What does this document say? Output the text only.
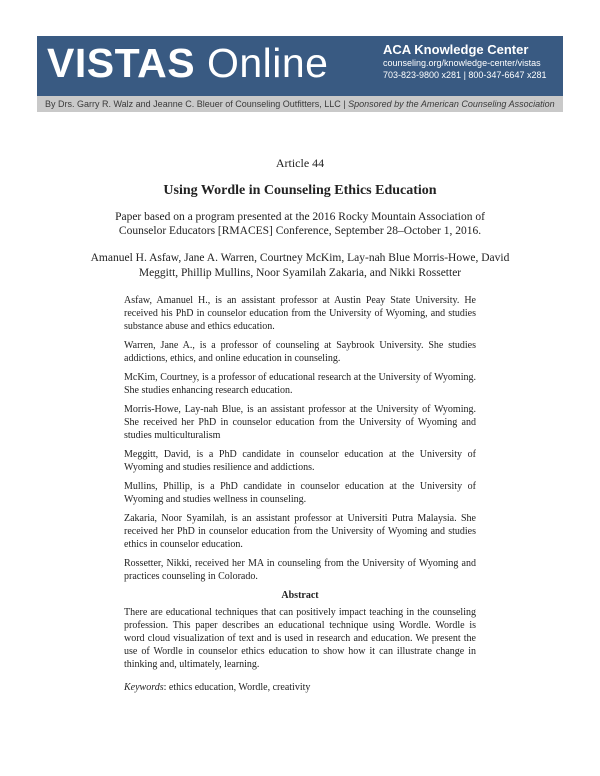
VISTAS Online	ACA Knowledge Center
counseling.org/knowledge-center/vistas
703-823-9800 x281 | 800-347-6647 x281
By Drs. Garry R. Walz and Jeanne C. Bleuer of Counseling Outfitters, LLC | Sponsored by the American Counseling Association
Article 44
Using Wordle in Counseling Ethics Education
Paper based on a program presented at the 2016 Rocky Mountain Association of Counselor Educators [RMACES] Conference, September 28–October 1, 2016.
Amanuel H. Asfaw, Jane A. Warren, Courtney McKim, Lay-nah Blue Morris-Howe, David Meggitt, Phillip Mullins, Noor Syamilah Zakaria, and Nikki Rossetter

Asfaw, Amanuel H., is an assistant professor at Austin Peay State University. He received his PhD in counselor education from the University of Wyoming, and studies substance abuse and ethics education.

Warren, Jane A., is a professor of counseling at Saybrook University. She studies addictions, ethics, and online education in counseling.

McKim, Courtney, is a professor of educational research at the University of Wyoming. She studies enhancing research education.

Morris-Howe, Lay-nah Blue, is an assistant professor at the University of Wyoming. She received her PhD in counselor education from the University of Wyoming and studies multiculturalism

Meggitt, David, is a PhD candidate in counselor education at the University of Wyoming and studies resilience and addictions.

Mullins, Phillip, is a PhD candidate in counselor education at the University of Wyoming and studies wellness in counseling.

Zakaria, Noor Syamilah, is an assistant professor at Universiti Putra Malaysia. She received her PhD in counselor education from the University of Wyoming and studies ethics in counselor education.

Rossetter, Nikki, received her MA in counseling from the University of Wyoming and practices counseling in Colorado.

Abstract

There are educational techniques that can positively impact teaching in the counseling profession. This paper describes an educational technique using Wordle. Wordle is word cloud visualization of text and is used in research and education. We present the use of Wordle in counselor ethics education to show how it can illustrate change in thinking and, ultimately, learning.

Keywords: ethics education, Wordle, creativity
